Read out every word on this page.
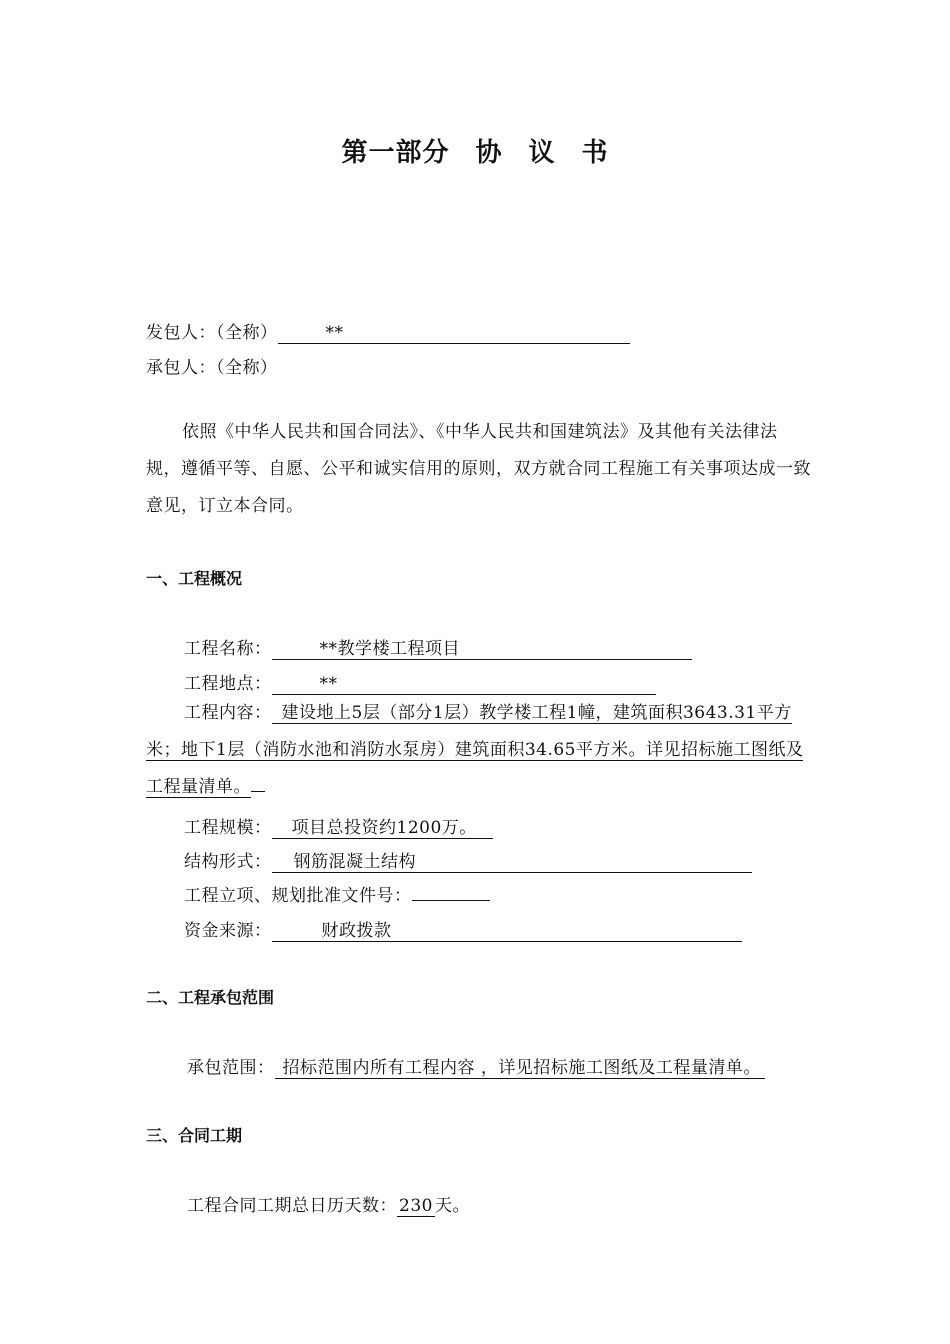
第一部分 协 议 书
发包人：（全称）	**
承包人：（全称）
依照《中华人民共和国合同法》、《中华人民共和国建筑法》及其他有关法律法规，遵循平等、自愿、公平和诚实信用的原则，双方就合同工程施工有关事项达成一致意见，订立本合同。
一、工程概况
工程名称：	**教学楼工程项目
工程地点：	**
工程内容： 建设地上5层（部分1层）教学楼工程1幢，建筑面积3643.31平方米；地下1层（消防水池和消防水泵房）建筑面积34.65平方米。详见招标施工图纸及工程量清单。
工程规模： 项目总投资约1200万。
结构形式： 钢筋混凝土结构
工程立项、规划批准文件号：
资金来源：	财政拨款
二、工程承包范围
承包范围： 招标范围内所有工程内容 ，详见招标施工图纸及工程量清单。
三、合同工期
工程合同工期总日历天数： 230 天。
